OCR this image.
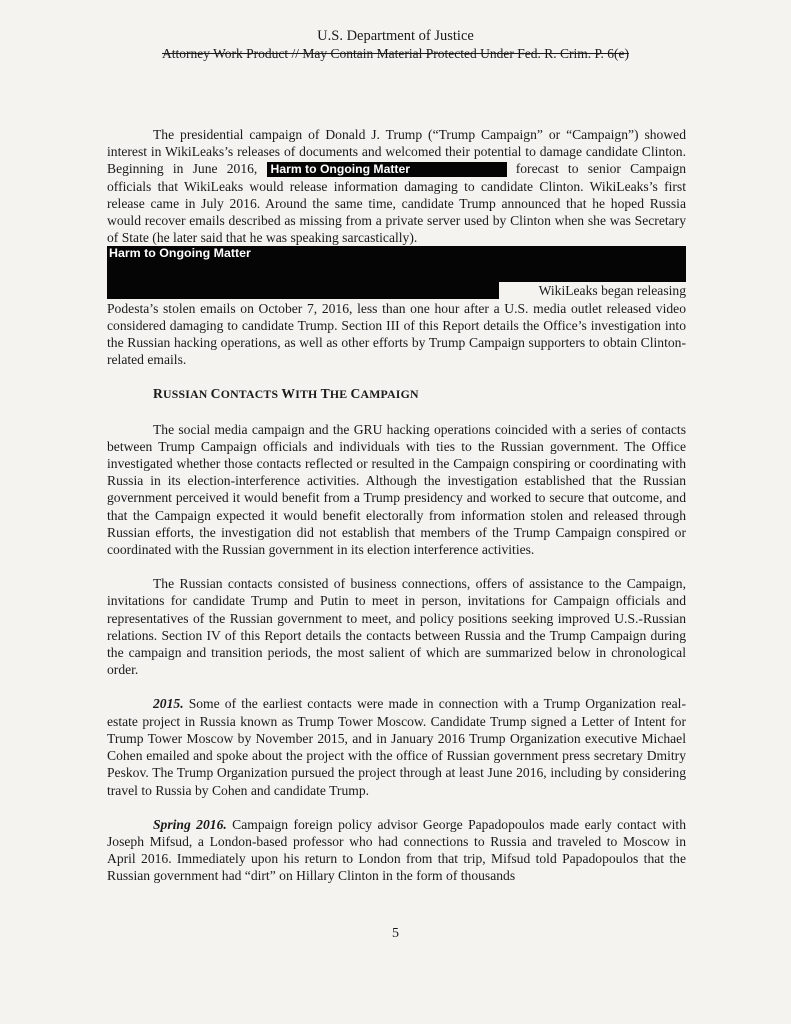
U.S. Department of Justice
Attorney Work Product // May Contain Material Protected Under Fed. R. Crim. P. 6(e)

The presidential campaign of Donald J. Trump (“Trump Campaign” or “Campaign”) showed interest in WikiLeaks’s releases of documents and welcomed their potential to damage candidate Clinton. Beginning in June 2016, Harm to Ongoing Matter	forecast to senior Campaign officials that WikiLeaks would release information damaging to candidate Clinton. WikiLeaks’s first release came in July 2016. Around the same time, candidate Trump announced that he hoped Russia would recover emails described as missing from a private server used by Clinton when she was Secretary of State (he later said that he was speaking sarcastically).

Harm to Ongoing Matter
WikiLeaks began releasing

Podesta’s stolen emails on October 7, 2016, less than one hour after a U.S. media outlet released video considered damaging to candidate Trump. Section III of this Report details the Office’s investigation into the Russian hacking operations, as well as other efforts by Trump Campaign supporters to obtain Clinton-related emails.

RUSSIAN CONTACTS WITH THE CAMPAIGN

The social media campaign and the GRU hacking operations coincided with a series of contacts between Trump Campaign officials and individuals with ties to the Russian government. The Office investigated whether those contacts reflected or resulted in the Campaign conspiring or coordinating with Russia in its election-interference activities. Although the investigation established that the Russian government perceived it would benefit from a Trump presidency and worked to secure that outcome, and that the Campaign expected it would benefit electorally from information stolen and released through Russian efforts, the investigation did not establish that members of the Trump Campaign conspired or coordinated with the Russian government in its election interference activities.

The Russian contacts consisted of business connections, offers of assistance to the Campaign, invitations for candidate Trump and Putin to meet in person, invitations for Campaign officials and representatives of the Russian government to meet, and policy positions seeking improved U.S.-Russian relations. Section IV of this Report details the contacts between Russia and the Trump Campaign during the campaign and transition periods, the most salient of which are summarized below in chronological order.

2015. Some of the earliest contacts were made in connection with a Trump Organization real-estate project in Russia known as Trump Tower Moscow. Candidate Trump signed a Letter of Intent for Trump Tower Moscow by November 2015, and in January 2016 Trump Organization executive Michael Cohen emailed and spoke about the project with the office of Russian government press secretary Dmitry Peskov. The Trump Organization pursued the project through at least June 2016, including by considering travel to Russia by Cohen and candidate Trump.

Spring 2016. Campaign foreign policy advisor George Papadopoulos made early contact with Joseph Mifsud, a London-based professor who had connections to Russia and traveled to Moscow in April 2016. Immediately upon his return to London from that trip, Mifsud told Papadopoulos that the Russian government had “dirt” on Hillary Clinton in the form of thousands

5
